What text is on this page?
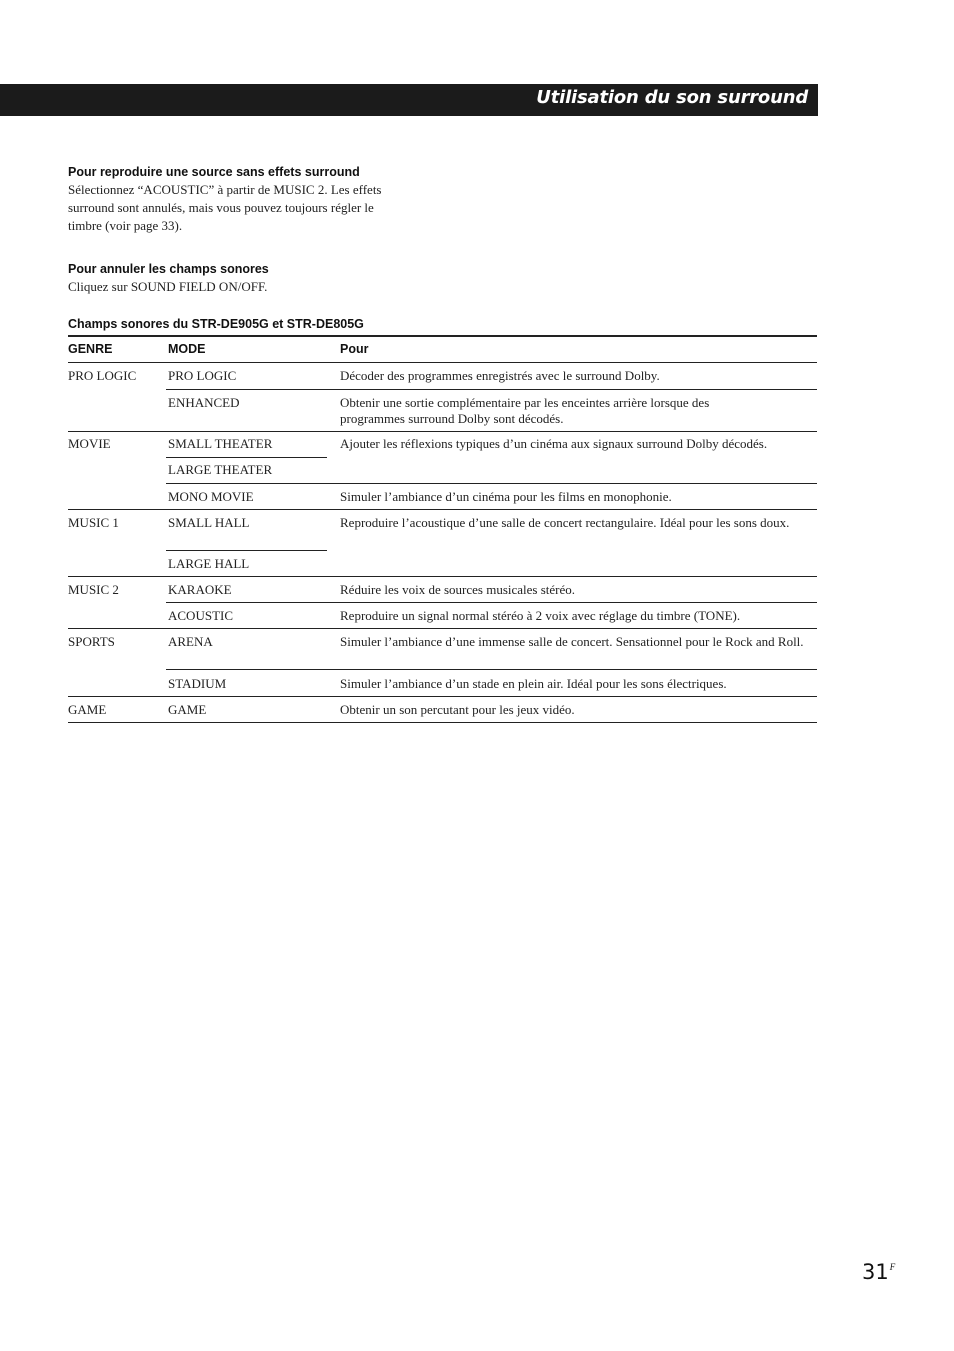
Utilisation du son surround
Pour reproduire une source sans effets surround
Sélectionnez “ACOUSTIC” à partir de MUSIC 2. Les effets
surround sont annulés, mais vous pouvez toujours régler le
timbre (voir page 33).
Pour annuler les champs sonores
Cliquez sur SOUND FIELD ON/OFF.
Champs sonores du STR-DE905G et STR-DE805G
GENRE	MODE	Pour
PRO LOGIC
MOVIE
MUSIC 1
MUSIC 2
SPORTS
GAME
PRO LOGIC
ENHANCED
SMALL THEATER
LARGE THEATER
MONO MOVIE
SMALL HALL
LARGE HALL
KARAOKE
ACOUSTIC
ARENA
STADIUM
GAME
Décoder des programmes enregistrés avec le surround Dolby.
Obtenir une sortie complémentaire par les enceintes arrière lorsque des programmes surround Dolby sont décodés.
Ajouter les réflexions typiques d’un cinéma aux signaux surround Dolby décodés.
Simuler l’ambiance d’un cinéma pour les films en monophonie.
Reproduire l’acoustique d’une salle de concert rectangulaire. Idéal pour les sons doux.
Réduire les voix de sources musicales stéréo.
Reproduire un signal normal stéréo à 2 voix avec réglage du timbre (TONE).
Simuler l’ambiance d’une immense salle de concert. Sensationnel pour le Rock and Roll.
Simuler l’ambiance d’un stade en plein air. Idéal pour les sons électriques.
Obtenir un son percutant pour les jeux vidéo.
$31^F$
